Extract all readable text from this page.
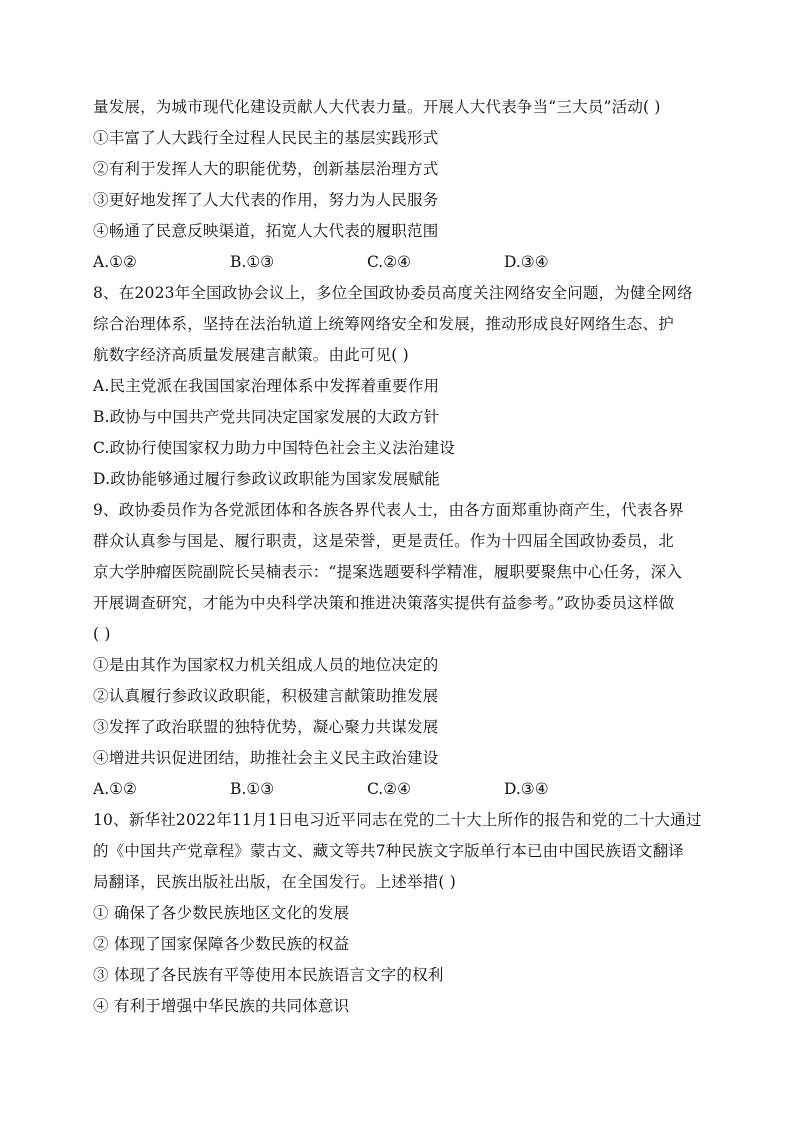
量发展，为城市现代化建设贡献人大代表力量。开展人大代表争当“三大员”活动( )
①丰富了人大践行全过程人民民主的基层实践形式
②有利于发挥人大的职能优势，创新基层治理方式
③更好地发挥了人大代表的作用，努力为人民服务
④畅通了民意反映渠道，拓宽人大代表的履职范围
A.①②	B.①③	C.②④	D.③④
8、在2023年全国政协会议上，多位全国政协委员高度关注网络安全问题，为健全网络
综合治理体系，坚持在法治轨道上统筹网络安全和发展，推动形成良好网络生态、护
航数字经济高质量发展建言献策。由此可见( )
A.民主党派在我国国家治理体系中发挥着重要作用
B.政协与中国共产党共同决定国家发展的大政方针
C.政协行使国家权力助力中国特色社会主义法治建设
D.政协能够通过履行参政议政职能为国家发展赋能
9、政协委员作为各党派团体和各族各界代表人士，由各方面郑重协商产生，代表各界
群众认真参与国是、履行职责，这是荣誉，更是责任。作为十四届全国政协委员，北
京大学肿瘤医院副院长吴楠表示：“提案选题要科学精准，履职要聚焦中心任务，深入
开展调查研究，才能为中央科学决策和推进决策落实提供有益参考。”政协委员这样做
( )
①是由其作为国家权力机关组成人员的地位决定的
②认真履行参政议政职能，积极建言献策助推发展
③发挥了政治联盟的独特优势，凝心聚力共谋发展
④增进共识促进团结，助推社会主义民主政治建设
A.①②	B.①③	C.②④	D.③④
10、新华社2022年11月1日电习近平同志在党的二十大上所作的报告和党的二十大通过
的《中国共产党章程》蒙古文、藏文等共7种民族文字版单行本已由中国民族语文翻译
局翻译，民族出版社出版，在全国发行。上述举措( )
① 确保了各少数民族地区文化的发展
② 体现了国家保障各少数民族的权益
③ 体现了各民族有平等使用本民族语言文字的权利
④ 有利于增强中华民族的共同体意识
